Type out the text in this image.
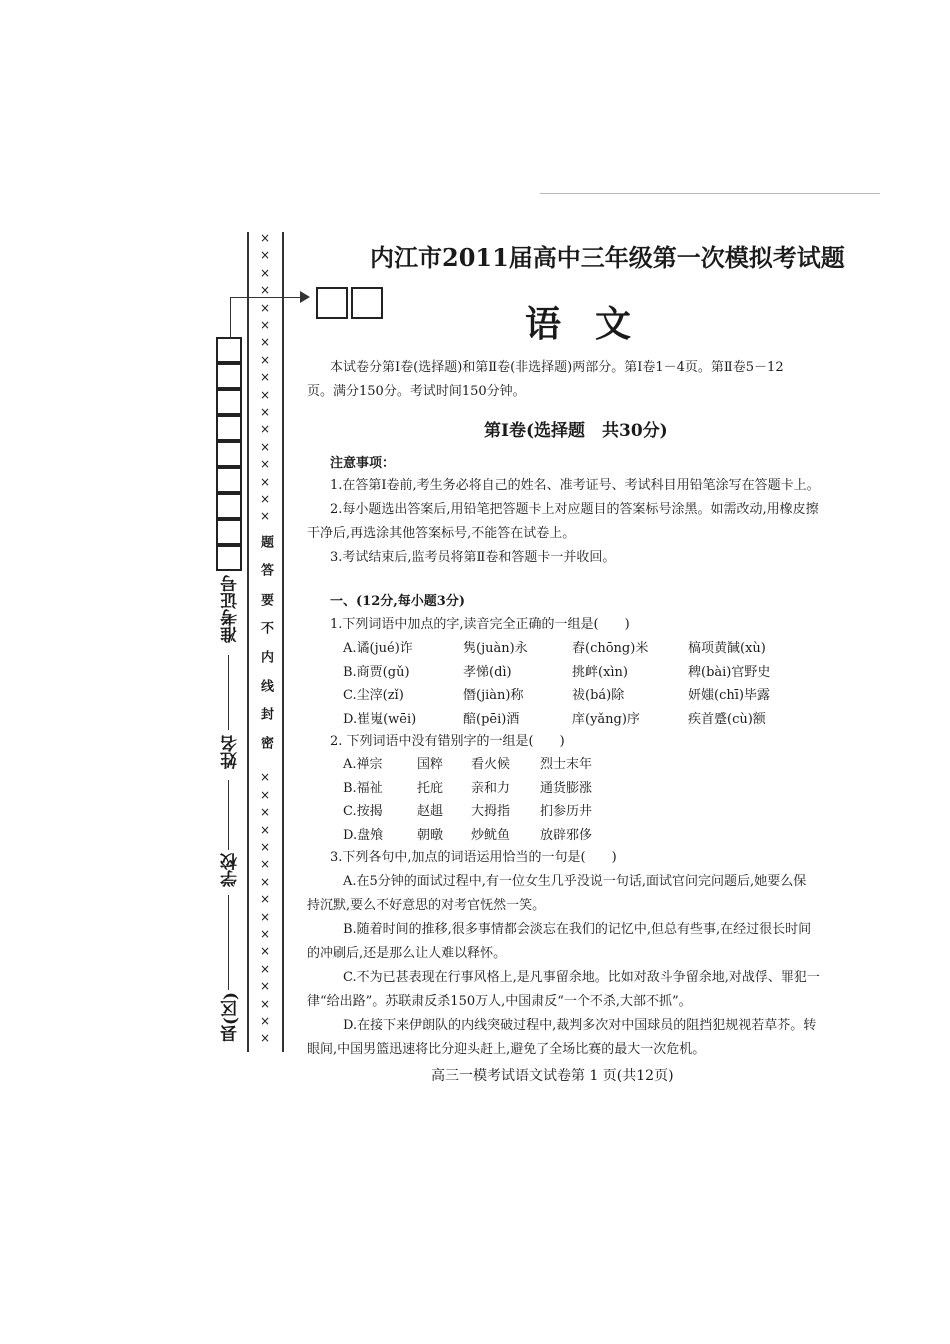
×
×
×
×
×
×
×
×
×
×
×
×
×
×
×
×
×
×
×
×
×
×
×
×
×
×
×
×
×
×
×
×
×
题
答
要
不
内
线
封
密
准考证号
姓名
学校
县(区)
内江市2011届高中三年级第一次模拟考试题
语文
本试卷分第Ⅰ卷(选择题)和第Ⅱ卷(非选择题)两部分。第Ⅰ卷1－4页。第Ⅱ卷5－12
页。满分150分。考试时间150分钟。
第Ⅰ卷(选择题　共30分)
注意事项：
1.在答第Ⅰ卷前,考生务必将自己的姓名、准考证号、考试科目用铅笔涂写在答题卡上。
2.每小题选出答案后,用铅笔把答题卡上对应题目的答案标号涂黑。如需改动,用橡皮擦
干净后,再选涂其他答案标号,不能答在试卷上。
3.考试结束后,监考员将第Ⅱ卷和答题卡一并收回。
一、(12分,每小题3分)
1.下列词语中加点的字,读音完全正确的一组是(　　)
A.谲(jué)诈	隽(juàn)永	舂(chōng)米	槁项黄馘(xù)
B.商贾(gǔ)	孝悌(dì)	挑衅(xìn)	稗(bài)官野史
C.尘滓(zǐ)	僭(jiàn)称	祓(bá)除	妍媸(chī)毕露
D.崔嵬(wēi)	醅(pēi)酒	庠(yǎng)序	疾首蹙(cù)额
2. 下列词语中没有错别字的一组是(　　)
A.禅宗	国粹 看火候 烈士末年
B.福祉	托庇 亲和力 通货膨涨
C.按揭	赵趄 大拇指 扪参历井
D.盘飧	朝暾 炒鱿鱼 放辟邪侈
3.下列各句中,加点的词语运用恰当的一句是(　　)
A.在5分钟的面试过程中,有一位女生几乎没说一句话,面试官问完问题后,她要么保
持沉默,要么不好意思的对考官怃然一笑。
B.随着时间的推移,很多事情都会淡忘在我们的记忆中,但总有些事,在经过很长时间
的冲刷后,还是那么让人难以释怀。
C.不为已甚表现在行事风格上,是凡事留余地。比如对敌斗争留余地,对战俘、罪犯一
律“给出路”。苏联肃反杀150万人,中国肃反“一个不杀,大部不抓”。
D.在接下来伊朗队的内线突破过程中,裁判多次对中国球员的阻挡犯规视若草芥。转
眼间,中国男篮迅速将比分迎头赶上,避免了全场比赛的最大一次危机。
高三一模考试语文试卷第 1 页(共12页)
